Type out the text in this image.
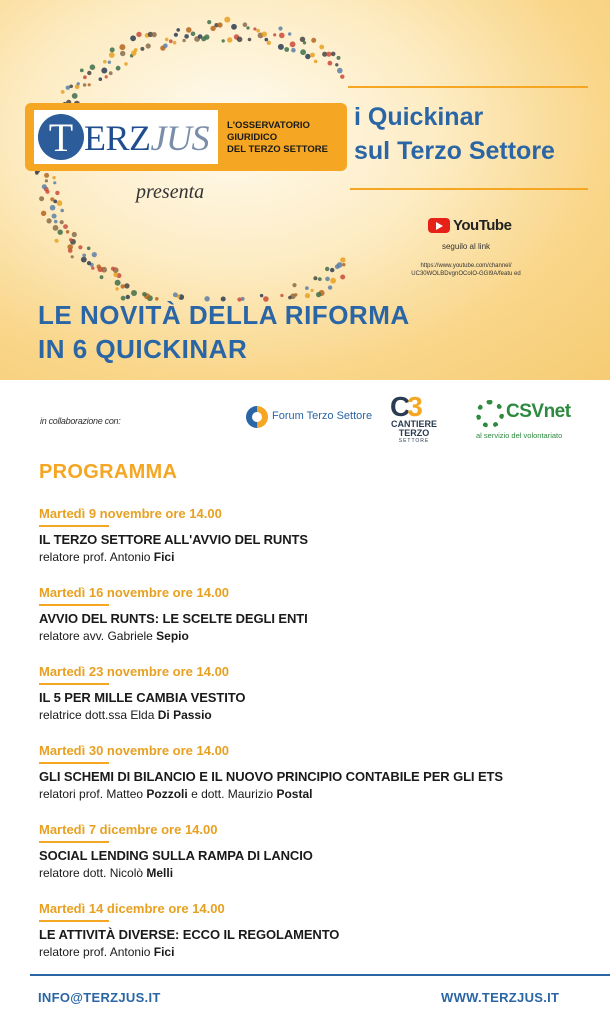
T ERZJUS L'OSSERVATORIO
GIURIDICO
DEL TERZO SETTORE
presenta
i Quickinar
sul Terzo Settore
YouTube
seguilo al link
https://www.youtube.com/channel/
UC30WOLBDvgnOCoIO-GGI9A/featu ed
LE NOVITÀ DELLA RIFORMA
IN 6 QUICKINAR
in collaborazione con:	Forum Terzo Settore C3
CANTIERE
TERZO
SETTORE
CSVnet
al servizio del volontariato
PROGRAMMA
Martedì 9 novembre ore 14.00
IL TERZO SETTORE ALL'AVVIO DEL RUNTS
relatore prof. Antonio Fici
Martedì 16 novembre ore 14.00
AVVIO DEL RUNTS: LE SCELTE DEGLI ENTI
relatore avv. Gabriele Sepio
Martedì 23 novembre ore 14.00
IL 5 PER MILLE CAMBIA VESTITO
relatrice dott.ssa Elda Di Passio
Martedì 30 novembre ore 14.00
GLI SCHEMI DI BILANCIO E IL NUOVO PRINCIPIO CONTABILE PER GLI ETS
relatori prof. Matteo Pozzoli e dott. Maurizio Postal
Martedì 7 dicembre ore 14.00
SOCIAL LENDING SULLA RAMPA DI LANCIO
relatore dott. Nicolò Melli
Martedì 14 dicembre ore 14.00
LE ATTIVITÀ DIVERSE: ECCO IL REGOLAMENTO
relatore prof. Antonio Fici
INFO@TERZJUS.IT	WWW.TERZJUS.IT
